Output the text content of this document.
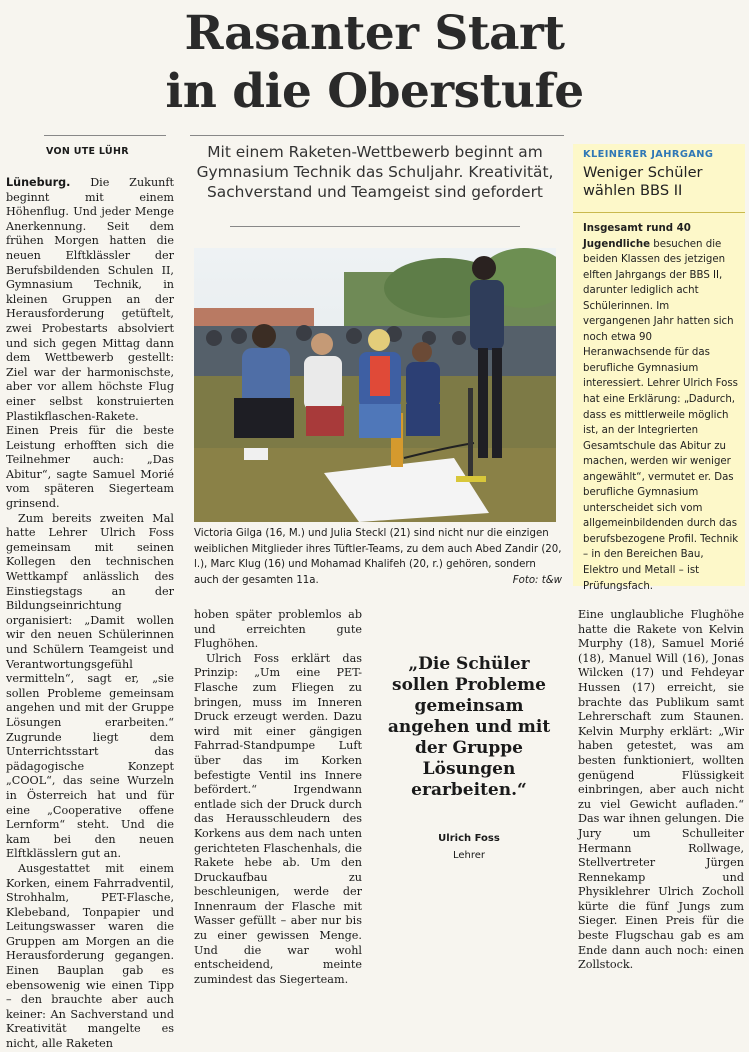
Rasanter Start
in die Oberstufe
VON UTE LÜHR

Lüneburg. Die Zukunft beginnt mit einem Höhenflug. Und jeder Menge Anerkennung. Seit dem frühen Morgen hatten die neuen Elftklässler der Berufsbildenden Schulen II, Gymnasium Technik, in kleinen Gruppen an der Herausforderung getüftelt, zwei Probestarts absolviert und sich gegen Mittag dann dem Wettbewerb gestellt: Ziel war der harmonischste, aber vor allem höchste Flug einer selbst konstruierten Plastikflaschen-Rakete. Einen Preis für die beste Leistung erhofften sich die Teilnehmer auch: „Das Abitur“, sagte Samuel Morié vom späteren Siegerteam grinsend.

Zum bereits zweiten Mal hatte Lehrer Ulrich Foss gemeinsam mit seinen Kollegen den technischen Wettkampf anlässlich des Einstiegstags an der Bildungseinrichtung organisiert: „Damit wollen wir den neuen Schülerinnen und Schülern Teamgeist und Verantwortungsgefühl vermitteln“, sagt er, „sie sollen Probleme gemeinsam angehen und mit der Gruppe Lösungen erarbeiten.“ Zugrunde liegt dem Unterrichtsstart das pädagogische Konzept „COOL“, das seine Wurzeln in Österreich hat und für eine „Cooperative offene Lernform“ steht. Und die kam bei den neuen Elftklässlern gut an.

Ausgestattet mit einem Korken, einem Fahrradventil, Strohhalm, PET-Flasche, Klebeband, Tonpapier und Leitungswasser waren die Gruppen am Morgen an die Herausforderung gegangen. Einen Bauplan gab es ebensowenig wie einen Tipp – den brauchte aber auch keiner: An Sachverstand und Kreativität mangelte es nicht, alle Raketen

Mit einem Raketen-Wettbewerb beginnt am Gymnasium Technik das Schuljahr. Kreativität, Sachverstand und Teamgeist sind gefordert
Victoria Gilga (16, M.) und Julia Steckl (21) sind nicht nur die einzigen weiblichen Mitglieder ihres Tüftler-Teams, zu dem auch Abed Zandir (20, l.), Marc Klug (16) und Mohamad Khalifeh (20, r.) gehören, sondern auch der gesamten 11a.	Foto: t&w

hoben später problemlos ab und erreichten gute Flughöhen.

Ulrich Foss erklärt das Prinzip: „Um eine PET-Flasche zum Fliegen zu bringen, muss im Inneren Druck erzeugt werden. Dazu wird mit einer gängigen Fahrrad-Standpumpe Luft über das im Korken befestigte Ventil ins Innere befördert.“ Irgendwann entlade sich der Druck durch das Herausschleudern des Korkens aus dem nach unten gerichteten Flaschenhals, die Rakete hebe ab. Um den Druckaufbau zu beschleunigen, werde der Innenraum der Flasche mit Wasser gefüllt – aber nur bis zu einer gewissen Menge. Und die war wohl entscheidend, meinte zumindest das Siegerteam.

„Die Schüler sollen Probleme gemeinsam angehen und mit der Gruppe Lösungen erarbeiten.“
Ulrich Foss
Lehrer
KLEINERER JAHRGANG
Weniger Schüler wählen BBS II
Insgesamt rund 40 Jugendliche besuchen die beiden Klassen des jetzigen elften Jahrgangs der BBS II, darunter lediglich acht Schülerinnen. Im vergangenen Jahr hatten sich noch etwa 90 Heranwachsende für das berufliche Gymnasium interessiert. Lehrer Ulrich Foss hat eine Erklärung: „Dadurch, dass es mittlerweile möglich ist, an der Integrierten Gesamtschule das Abitur zu machen, werden wir weniger angewählt“, vermutet er. Das berufliche Gymnasium unterscheidet sich vom allgemeinbildenden durch das berufsbezogene Profil. Technik – in den Bereichen Bau, Elektro und Metall – ist Prüfungsfach.

Eine unglaubliche Flughöhe hatte die Rakete von Kelvin Murphy (18), Samuel Morié (18), Manuel Will (16), Jonas Wilcken (17) und Fehdeyar Hussen (17) erreicht, sie brachte das Publikum samt Lehrerschaft zum Staunen. Kelvin Murphy erklärt: „Wir haben getestet, was am besten funktioniert, wollten genügend Flüssigkeit einbringen, aber auch nicht zu viel Gewicht aufladen.“ Das war ihnen gelungen. Die Jury um Schulleiter Hermann Rollwage, Stellvertreter Jürgen Rennekamp und Physiklehrer Ulrich Zocholl kürte die fünf Jungs zum Sieger. Einen Preis für die beste Flugschau gab es am Ende dann auch noch: einen Zollstock.
